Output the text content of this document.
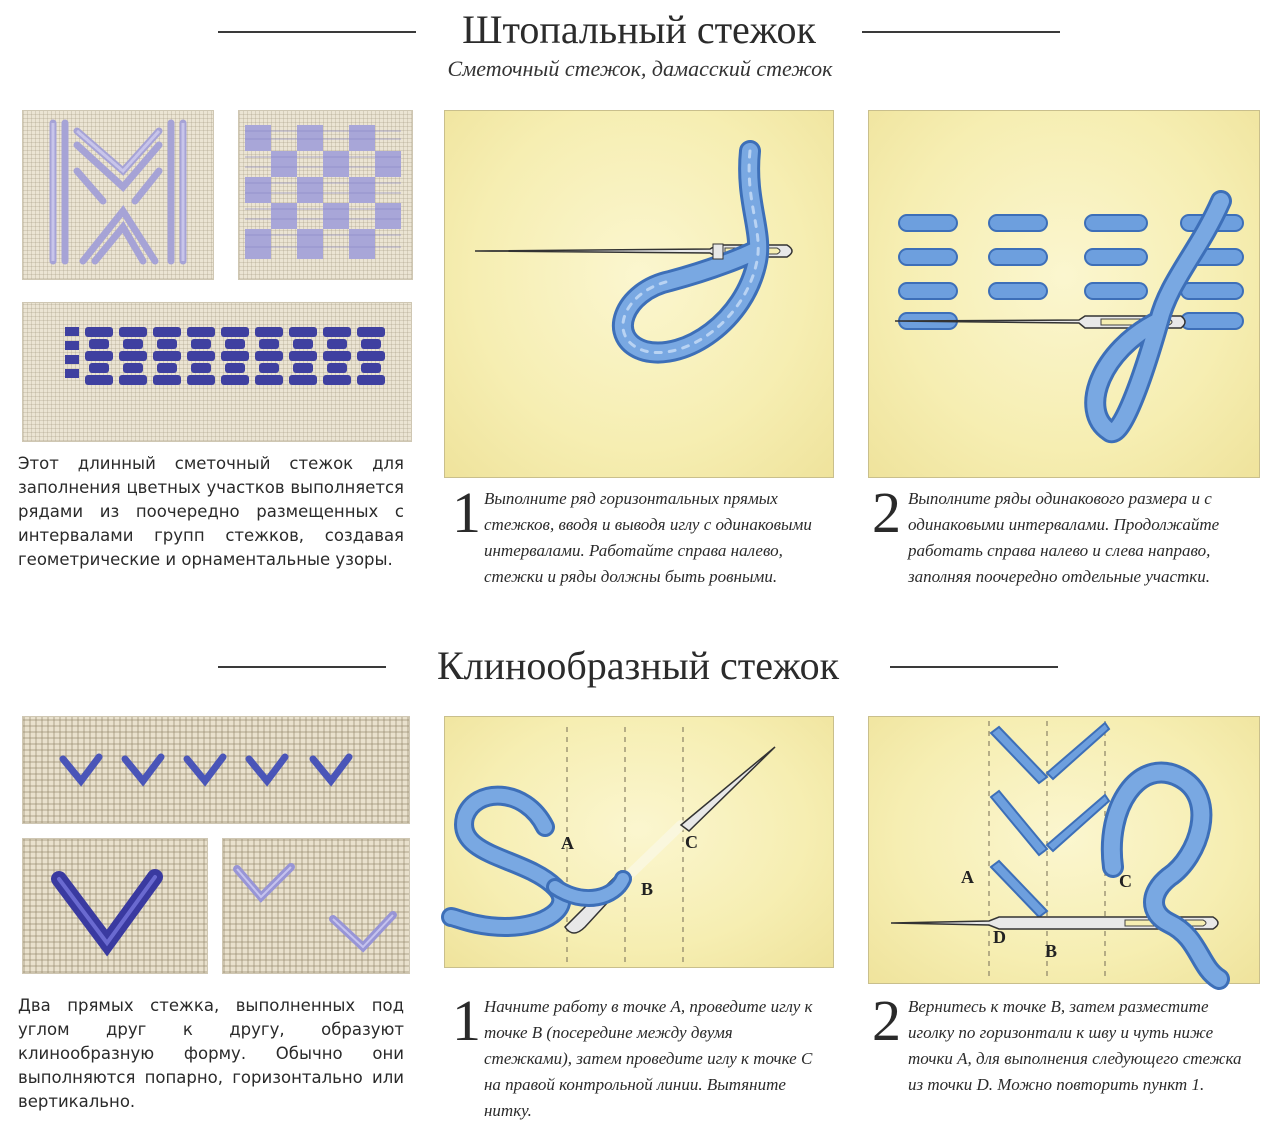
Штопальный стежок
Сметочный стежок, дамасский стежок
Этот длинный сметочный стежок для заполнения цветных участков выполняется рядами из поочередно размещенных с интервалами групп стежков, создавая геометрические и орнаментальные узоры.
1 Выполните ряд горизонтальных прямых стежков, вводя и выводя иглу с одинаковыми интервалами. Работайте справа налево, стежки и ряды должны быть ровными.
2 Выполните ряды одинакового размера и с одинаковыми интервалами. Продолжайте работать справа налево и слева направо, заполняя поочередно отдельные участки.
Клинообразный стежок
Два прямых стежка, выполненных под углом друг к другу, образуют клинообразную форму. Обычно они выполняются попарно, горизонтально или вертикально.
A
B
C
A
B
C
D
1 Начните работу в точке A, проведите иглу к точке B (посередине между двумя стежками), затем проведите иглу к точке C на правой контрольной линии. Вытяните нитку.
2 Вернитесь к точке B, затем разместите иголку по горизонтали к шву и чуть ниже точки A, для выполнения следующего стежка из точки D. Можно повторить пункт 1.
